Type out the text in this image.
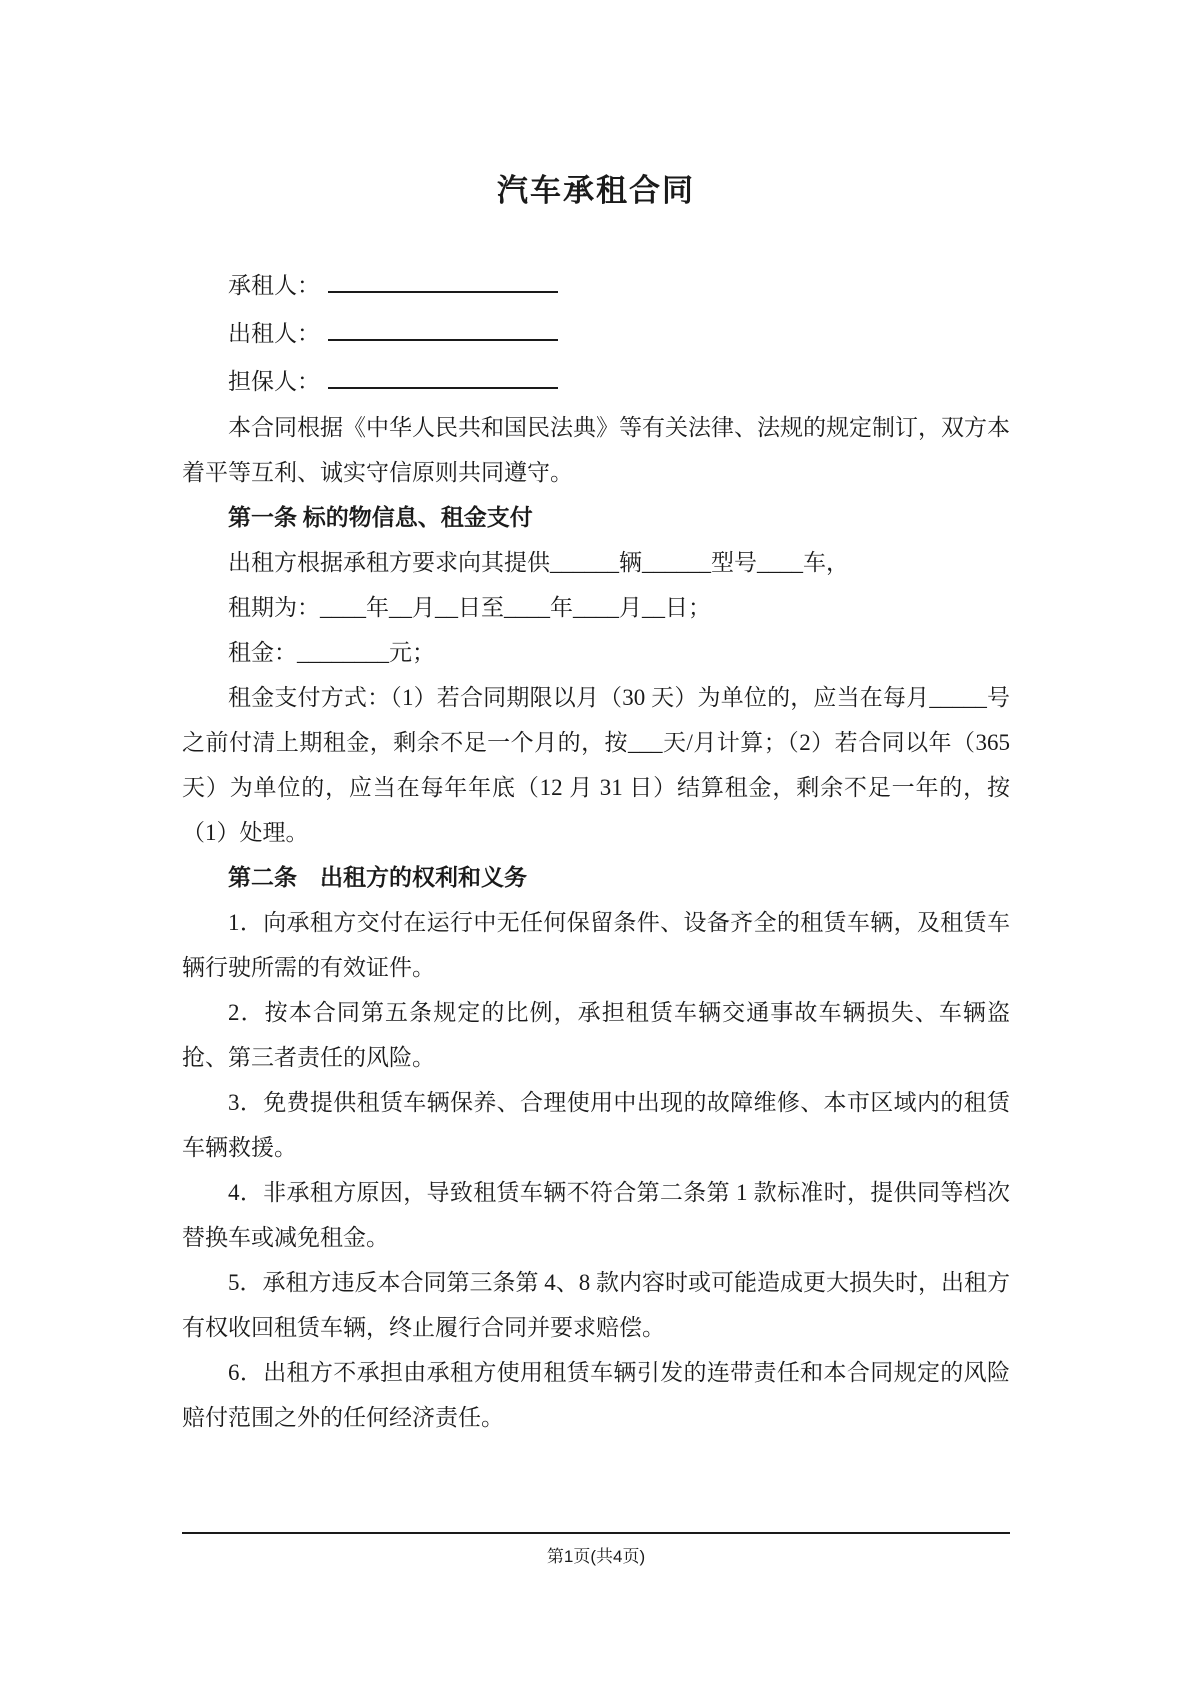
汽车承租合同
承租人：
出租人：
担保人：

本合同根据《中华人民共和国民法典》等有关法律、法规的规定制订，双方本着平等互利、诚实守信原则共同遵守。

第一条 标的物信息、租金支付

出租方根据承租方要求向其提供______辆______型号____车，

租期为：____年__月__日至____年____月__日；

租金：________元；

租金支付方式：（1）若合同期限以月（30 天）为单位的，应当在每月_____号之前付清上期租金，剩余不足一个月的，按___天/月计算；（2）若合同以年（365 天）为单位的，应当在每年年底（12 月 31 日）结算租金，剩余不足一年的，按（1）处理。

第二条　出租方的权利和义务

1．向承租方交付在运行中无任何保留条件、设备齐全的租赁车辆，及租赁车辆行驶所需的有效证件。

2．按本合同第五条规定的比例，承担租赁车辆交通事故车辆损失、车辆盗抢、第三者责任的风险。

3．免费提供租赁车辆保养、合理使用中出现的故障维修、本市区域内的租赁车辆救援。

4．非承租方原因，导致租赁车辆不符合第二条第 1 款标准时，提供同等档次替换车或减免租金。

5．承租方违反本合同第三条第 4、8 款内容时或可能造成更大损失时，出租方有权收回租赁车辆，终止履行合同并要求赔偿。

6．出租方不承担由承租方使用租赁车辆引发的连带责任和本合同规定的风险赔付范围之外的任何经济责任。

第1页(共4页)
